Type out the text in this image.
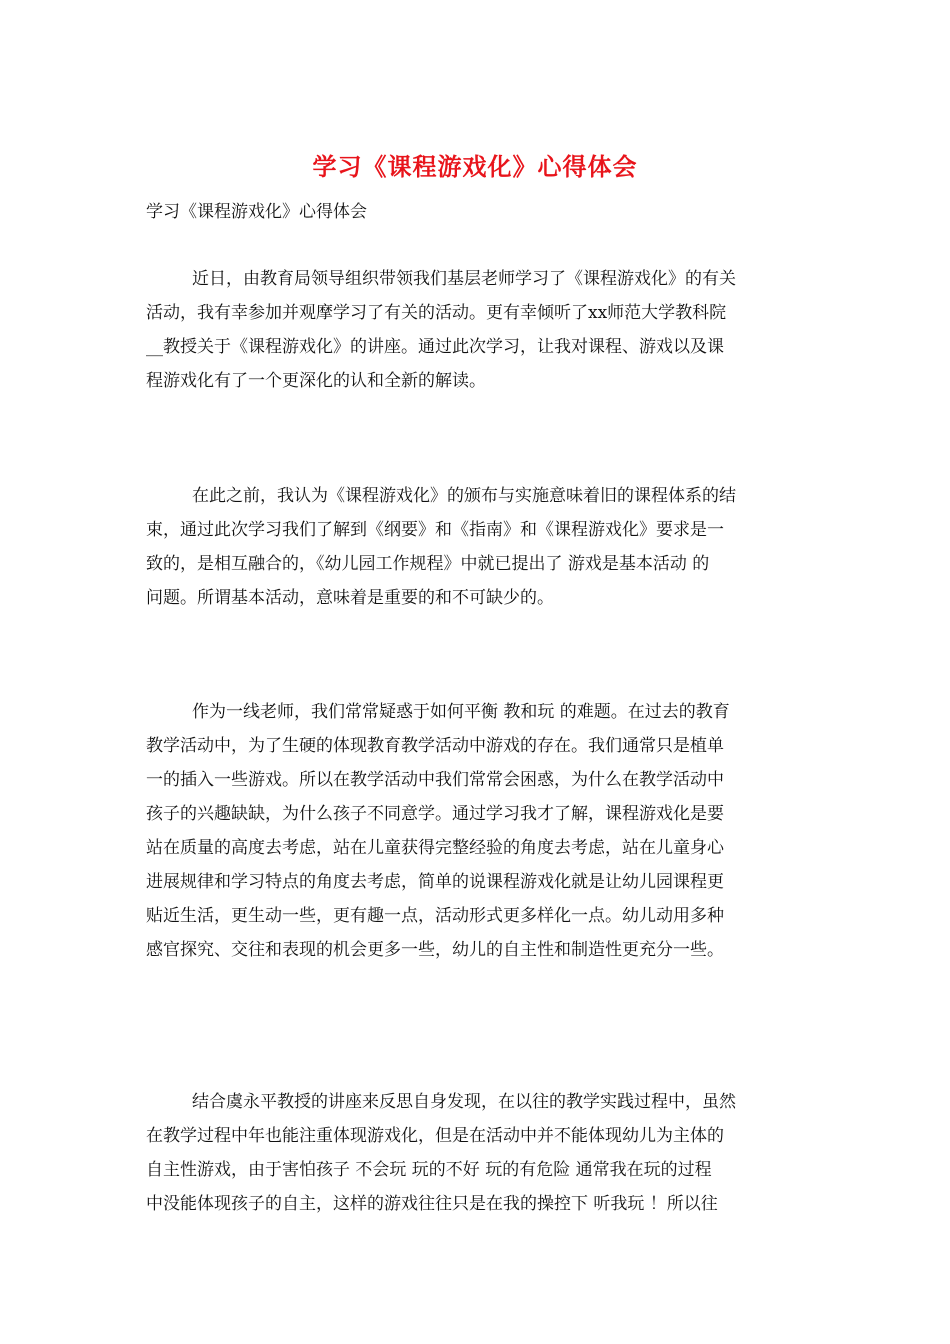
学习《课程游戏化》心得体会
学习《课程游戏化》心得体会
近日，由教育局领导组织带领我们基层老师学习了《课程游戏化》的有关
活动，我有幸参加并观摩学习了有关的活动。更有幸倾听了xx师范大学教科院
__教授关于《课程游戏化》的讲座。通过此次学习，让我对课程、游戏以及课
程游戏化有了一个更深化的认和全新的解读。
在此之前，我认为《课程游戏化》的颁布与实施意味着旧的课程体系的结
束，通过此次学习我们了解到《纲要》和《指南》和《课程游戏化》要求是一
致的，是相互融合的，《幼儿园工作规程》中就已提出了 游戏是基本活动 的
问题。所谓基本活动，意味着是重要的和不可缺少的。
作为一线老师，我们常常疑惑于如何平衡 教和玩 的难题。在过去的教育
教学活动中，为了生硬的体现教育教学活动中游戏的存在。我们通常只是植单
一的插入一些游戏。所以在教学活动中我们常常会困惑，为什么在教学活动中
孩子的兴趣缺缺，为什么孩子不同意学。通过学习我才了解，课程游戏化是要
站在质量的高度去考虑，站在儿童获得完整经验的角度去考虑，站在儿童身心
进展规律和学习特点的角度去考虑，简单的说课程游戏化就是让幼儿园课程更
贴近生活，更生动一些，更有趣一点，活动形式更多样化一点。幼儿动用多种
感官探究、交往和表现的机会更多一些，幼儿的自主性和制造性更充分一些。
结合虞永平教授的讲座来反思自身发现，在以往的教学实践过程中，虽然
在教学过程中年也能注重体现游戏化，但是在活动中并不能体现幼儿为主体的
自主性游戏，由于害怕孩子 不会玩 玩的不好 玩的有危险 通常我在玩的过程
中没能体现孩子的自主，这样的游戏往往只是在我的操控下 听我玩 ！所以往
